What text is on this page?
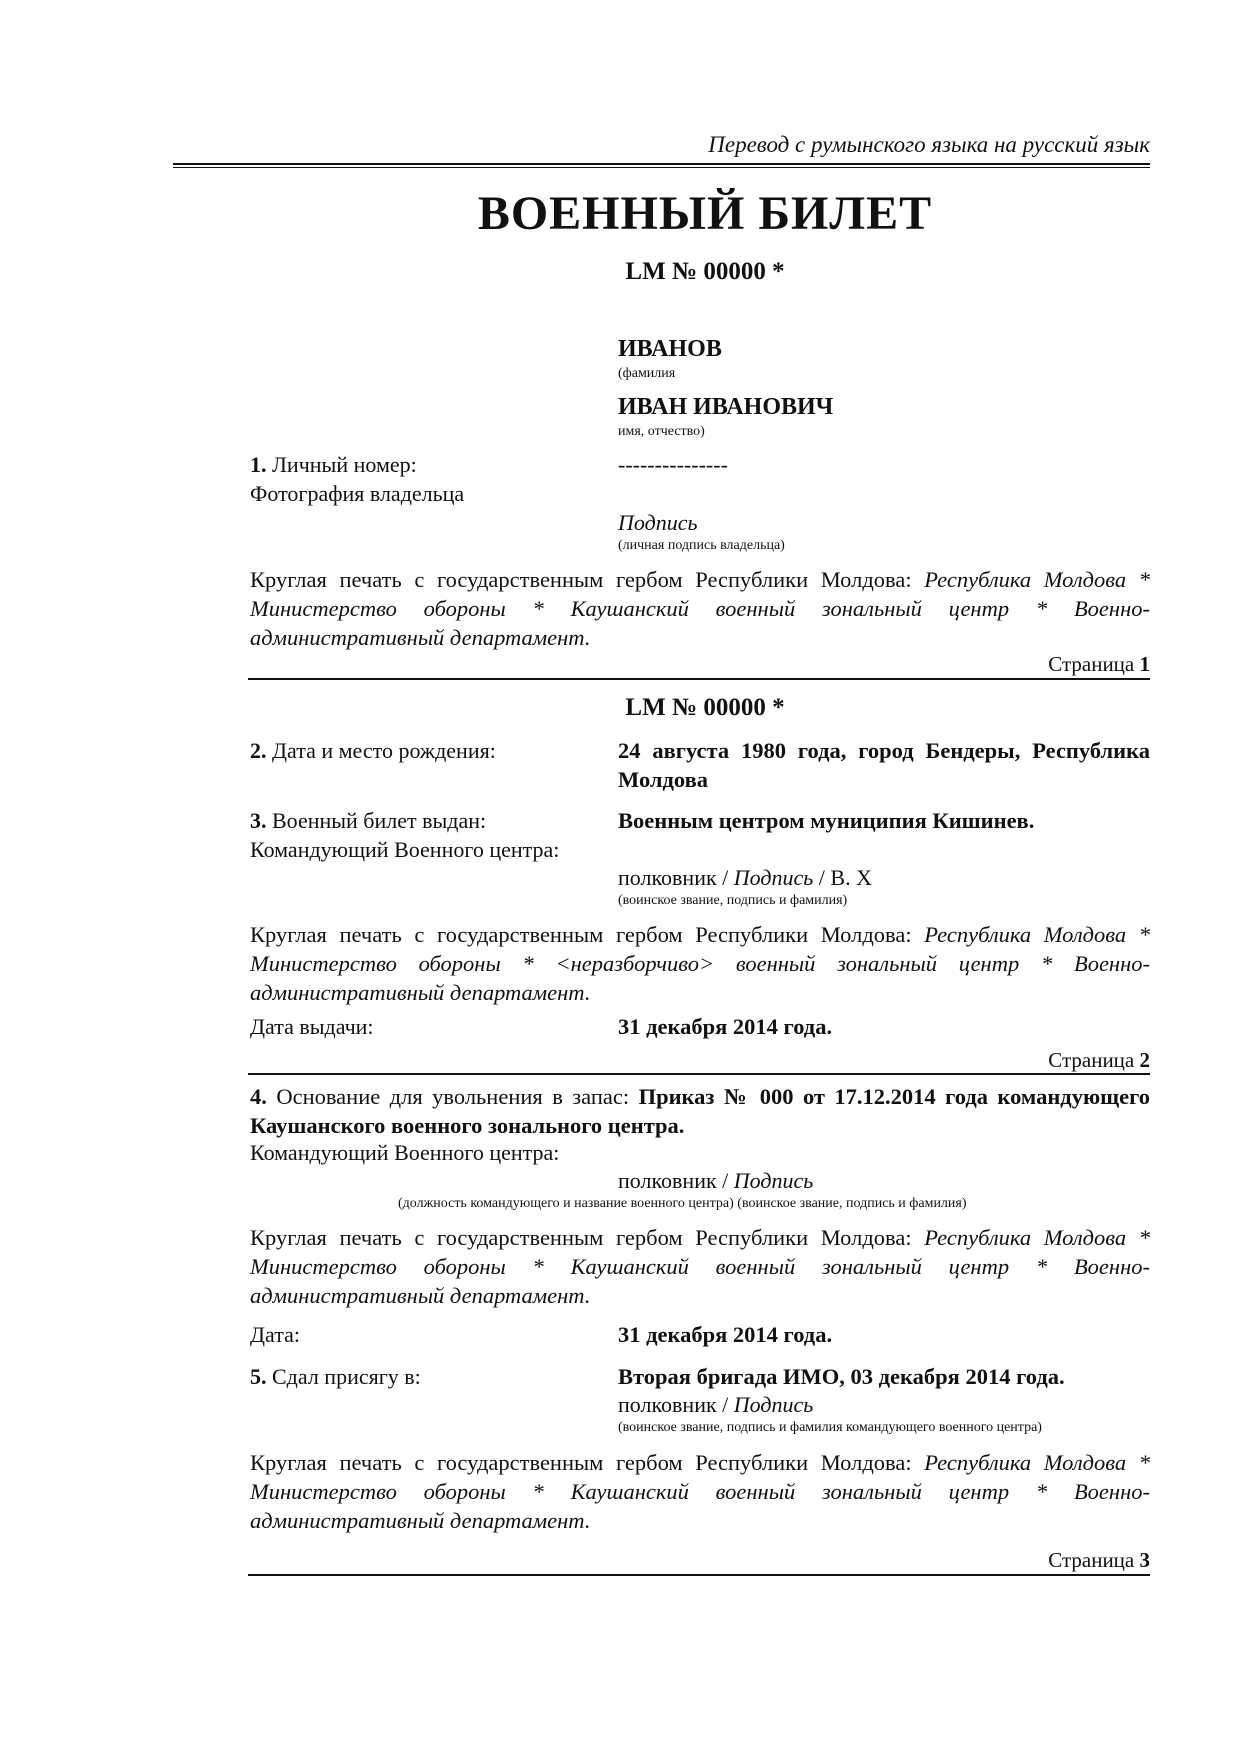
Перевод с румынского языка на русский язык
ВОЕННЫЙ БИЛЕТ
LM № 00000 *
ИВАНОВ
(фамилия
ИВАН ИВАНОВИЧ
имя, отчество)
1. Личный номер:	---------------
Фотография владельца
Подпись
(личная подпись владельца)
Круглая печать с государственным гербом Республики Молдова: Республика Молдова * Министерство обороны * Каушанский военный зональный центр * Военно-административный департамент.
Страница 1
LM № 00000 *
2. Дата и место рождения:	24 августа 1980 года, город Бендеры, Республика Молдова
3. Военный билет выдан:	Военным центром муниципия Кишинев.
Командующий Военного центра:
полковник / Подпись / В. Х
(воинское звание, подпись и фамилия)
Круглая печать с государственным гербом Республики Молдова: Республика Молдова * Министерство обороны * <неразборчиво> военный зональный центр * Военно-административный департамент.
Дата выдачи:	31 декабря 2014 года.
Страница 2
4. Основание для увольнения в запас: Приказ № 000 от 17.12.2014 года командующего Каушанского военного зонального центра.
Командующий Военного центра:
полковник / Подпись
(должность командующего и название военного центра) (воинское звание, подпись и фамилия)
Круглая печать с государственным гербом Республики Молдова: Республика Молдова * Министерство обороны * Каушанский военный зональный центр * Военно-административный департамент.
Дата:	31 декабря 2014 года.
5. Сдал присягу в:	Вторая бригада ИМО, 03 декабря 2014 года.
полковник / Подпись
(воинское звание, подпись и фамилия командующего военного центра)
Круглая печать с государственным гербом Республики Молдова: Республика Молдова * Министерство обороны * Каушанский военный зональный центр * Военно-административный департамент.
Страница 3
